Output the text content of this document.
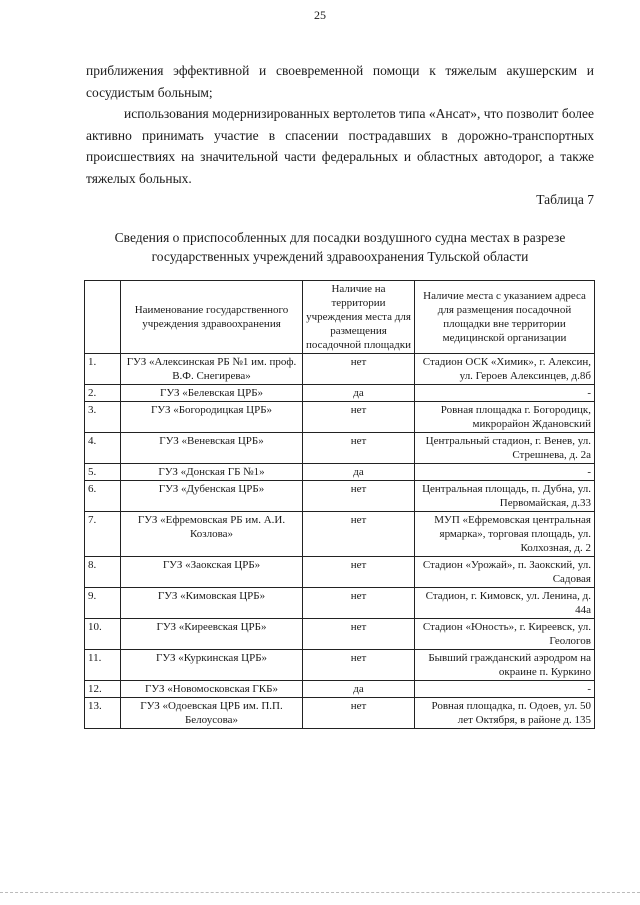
25

приближения эффективной и своевременной помощи к тяжелым акушерским и сосудистым больным;

использования модернизированных вертолетов типа «Ансат», что позволит более активно принимать участие в спасении пострадавших в дорожно-транспортных происшествиях на значительной части федеральных и областных автодорог, а также тяжелых больных.

Таблица 7
Сведения о приспособленных для посадки воздушного судна местах в разрезе государственных учреждений здравоохранения Тульской области
	Наименование государственного учреждения здравоохранения	Наличие на территории учреждения места для размещения посадочной площадки	Наличие места с указанием адреса для размещения посадочной площадки вне территории медицинской организации
1.	ГУЗ «Алексинская РБ №1 им. проф. В.Ф. Снегирева»	нет	Стадион ОСК «Химик», г. Алексин, ул. Героев Алексинцев, д.8б
2.	ГУЗ «Белевская ЦРБ»	да	-
3.	ГУЗ «Богородицкая ЦРБ»	нет	Ровная площадка г. Богородицк, микрорайон Ждановский
4.	ГУЗ «Веневская ЦРБ»	нет	Центральный стадион, г. Венев, ул. Стрешнева, д. 2а
5.	ГУЗ «Донская ГБ №1»	да	-
6.	ГУЗ «Дубенская ЦРБ»	нет	Центральная площадь, п. Дубна, ул. Первомайская, д.33
7.	ГУЗ «Ефремовская РБ им. А.И. Козлова»	нет	МУП «Ефремовская центральная ярмарка», торговая площадь, ул. Колхозная, д. 2
8.	ГУЗ «Заокская ЦРБ»	нет	Стадион «Урожай», п. Заокский, ул. Садовая
9.	ГУЗ «Кимовская ЦРБ»	нет	Стадион, г. Кимовск, ул. Ленина, д. 44а
10.	ГУЗ «Киреевская ЦРБ»	нет	Стадион «Юность», г. Киреевск, ул. Геологов
11.	ГУЗ «Куркинская ЦРБ»	нет	Бывший гражданский аэродром на окраине п. Куркино
12.	ГУЗ «Новомосковская ГКБ»	да	-
13.	ГУЗ «Одоевская ЦРБ им. П.П. Белоусова»	нет	Ровная площадка, п. Одоев, ул. 50 лет Октября, в районе д. 135
